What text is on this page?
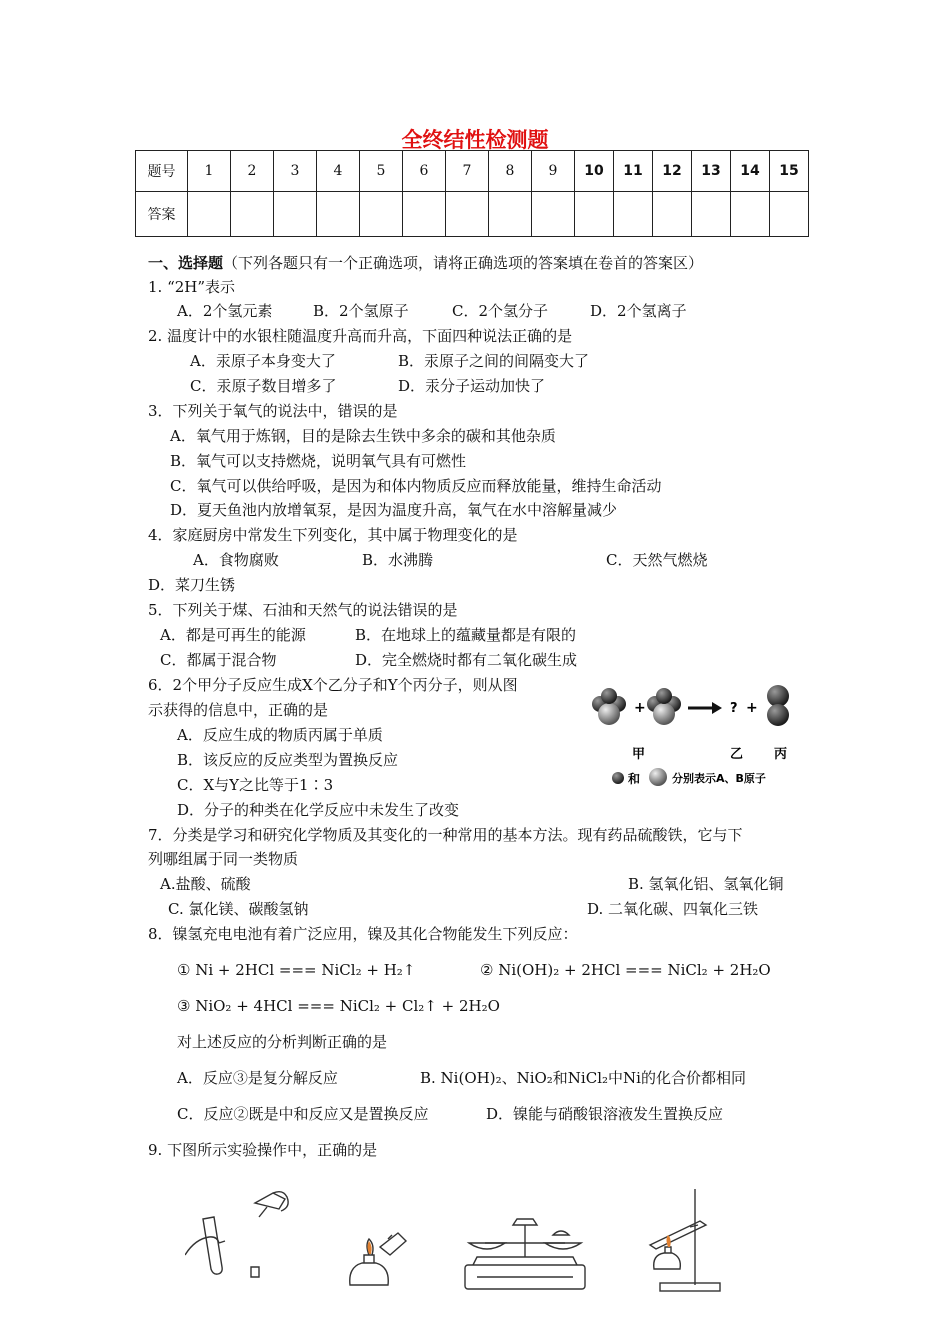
全终结性检测题
题号	1	2	3	4	5	6	7	8	9	10	11	12	13	14	15
答案															
一、选择题（下列各题只有一个正确选项，请将正确选项的答案填在卷首的答案区）
1. “2H”表示
A．2个氢元素	B．2个氢原子	C．2个氢分子	D．2个氢离子
2. 温度计中的水银柱随温度升高而升高，下面四种说法正确的是
A．汞原子本身变大了	B．汞原子之间的间隔变大了
C．汞原子数目增多了	D．汞分子运动加快了
3．下列关于氧气的说法中，错误的是
A．氧气用于炼钢，目的是除去生铁中多余的碳和其他杂质
B．氧气可以支持燃烧，说明氧气具有可燃性
C．氧气可以供给呼吸，是因为和体内物质反应而释放能量，维持生命活动
D．夏天鱼池内放增氧泵，是因为温度升高，氧气在水中溶解量减少
4．家庭厨房中常发生下列变化，其中属于物理变化的是
A．食物腐败	B．水沸腾	C．天然气燃烧
D．菜刀生锈
5．下列关于煤、石油和天然气的说法错误的是
A．都是可再生的能源	B．在地球上的蕴藏量都是有限的
C．都属于混合物	D．完全燃烧时都有二氧化碳生成
6．2个甲分子反应生成X个乙分子和Y个丙分子，则从图
示获得的信息中，正确的是
A．反应生成的物质丙属于单质
B．该反应的反应类型为置换反应
C．X与Y之比等于1∶3
D．分子的种类在化学反应中未发生了改变
+	? +
甲	乙 丙
和	分别表示A、B原子
7．分类是学习和研究化学物质及其变化的一种常用的基本方法。现有药品硫酸铁，它与下
列哪组属于同一类物质
A.盐酸、硫酸	B. 氢氧化铝、氢氧化铜
C. 氯化镁、碳酸氢钠	D. 二氧化碳、四氧化三铁
8．镍氢充电电池有着广泛应用，镍及其化合物能发生下列反应：
① Ni + 2HCl === NiCl₂ + H₂↑	② Ni(OH)₂ + 2HCl === NiCl₂ + 2H₂O
③ NiO₂ + 4HCl === NiCl₂ + Cl₂↑ + 2H₂O
对上述反应的分析判断正确的是
A．反应③是复分解反应	B. Ni(OH)₂、NiO₂和NiCl₂中Ni的化合价都相同
C．反应②既是中和反应又是置换反应	D．镍能与硝酸银溶液发生置换反应
9. 下图所示实验操作中，正确的是
